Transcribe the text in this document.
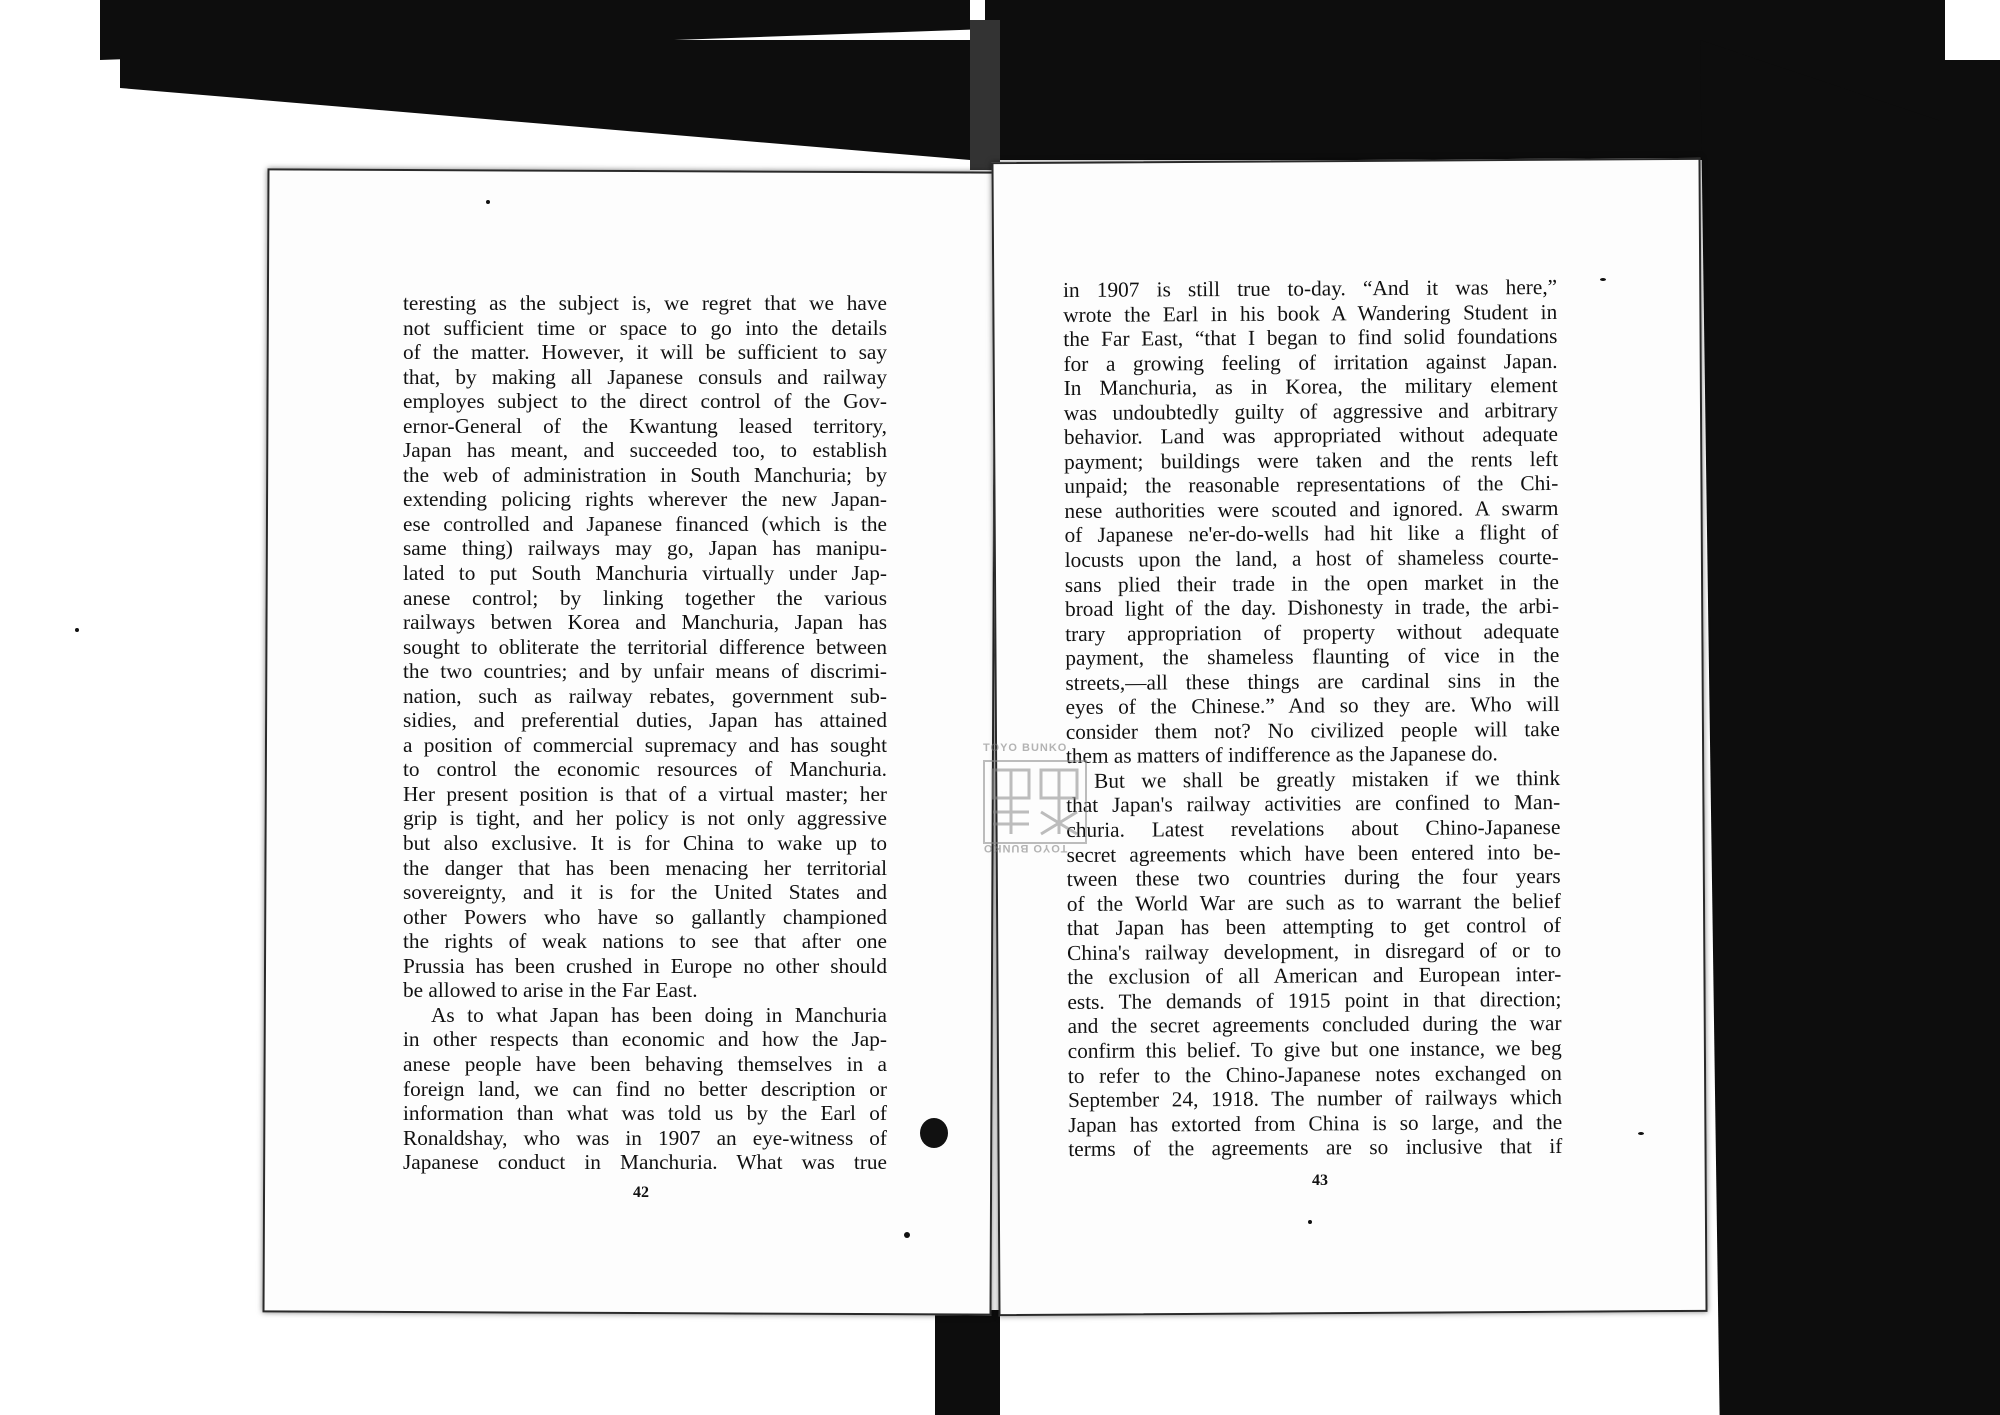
teresting as the subject is, we regret that we have

not sufficient time or space to go into the details

of the matter. However, it will be sufficient to say

that, by making all Japanese consuls and railway

employes subject to the direct control of the Gov-

ernor-General of the Kwantung leased territory,

Japan has meant, and succeeded too, to establish

the web of administration in South Manchuria; by

extending policing rights wherever the new Japan-

ese controlled and Japanese financed (which is the

same thing) railways may go, Japan has manipu-

lated to put South Manchuria virtually under Jap-

anese control; by linking together the various

railways betwen Korea and Manchuria, Japan has

sought to obliterate the territorial difference between

the two countries; and by unfair means of discrimi-

nation, such as railway rebates, government sub-

sidies, and preferential duties, Japan has attained

a position of commercial supremacy and has sought

to control the economic resources of Manchuria.

Her present position is that of a virtual master; her

grip is tight, and her policy is not only aggressive

but also exclusive. It is for China to wake up to

the danger that has been menacing her territorial

sovereignty, and it is for the United States and

other Powers who have so gallantly championed

the rights of weak nations to see that after one

Prussia has been crushed in Europe no other should

be allowed to arise in the Far East.

As to what Japan has been doing in Manchuria

in other respects than economic and how the Jap-

anese people have been behaving themselves in a

foreign land, we can find no better description or

information than what was told us by the Earl of

Ronaldshay, who was in 1907 an eye-witness of

Japanese conduct in Manchuria. What was true

42

in 1907 is still true to-day. “And it was here,”

wrote the Earl in his book A Wandering Student in

the Far East, “that I began to find solid foundations

for a growing feeling of irritation against Japan.

In Manchuria, as in Korea, the military element

was undoubtedly guilty of aggressive and arbitrary

behavior. Land was appropriated without adequate

payment; buildings were taken and the rents left

unpaid; the reasonable representations of the Chi-

nese authorities were scouted and ignored. A swarm

of Japanese ne'er-do-wells had hit like a flight of

locusts upon the land, a host of shameless courte-

sans plied their trade in the open market in the

broad light of the day. Dishonesty in trade, the arbi-

trary appropriation of property without adequate

payment, the shameless flaunting of vice in the

streets,—all these things are cardinal sins in the

eyes of the Chinese.” And so they are. Who will

consider them not? No civilized people will take

them as matters of indifference as the Japanese do.

But we shall be greatly mistaken if we think

that Japan's railway activities are confined to Man-

churia. Latest revelations about Chino-Japanese

secret agreements which have been entered into be-

tween these two countries during the four years

of the World War are such as to warrant the belief

that Japan has been attempting to get control of

China's railway development, in disregard of or to

the exclusion of all American and European inter-

ests. The demands of 1915 point in that direction;

and the secret agreements concluded during the war

confirm this belief. To give but one instance, we beg

to refer to the Chino-Japanese notes exchanged on

September 24, 1918. The number of railways which

Japan has extorted from China is so large, and the

terms of the agreements are so inclusive that if

43
TOYO BUNKO
TOYO BUNKO
